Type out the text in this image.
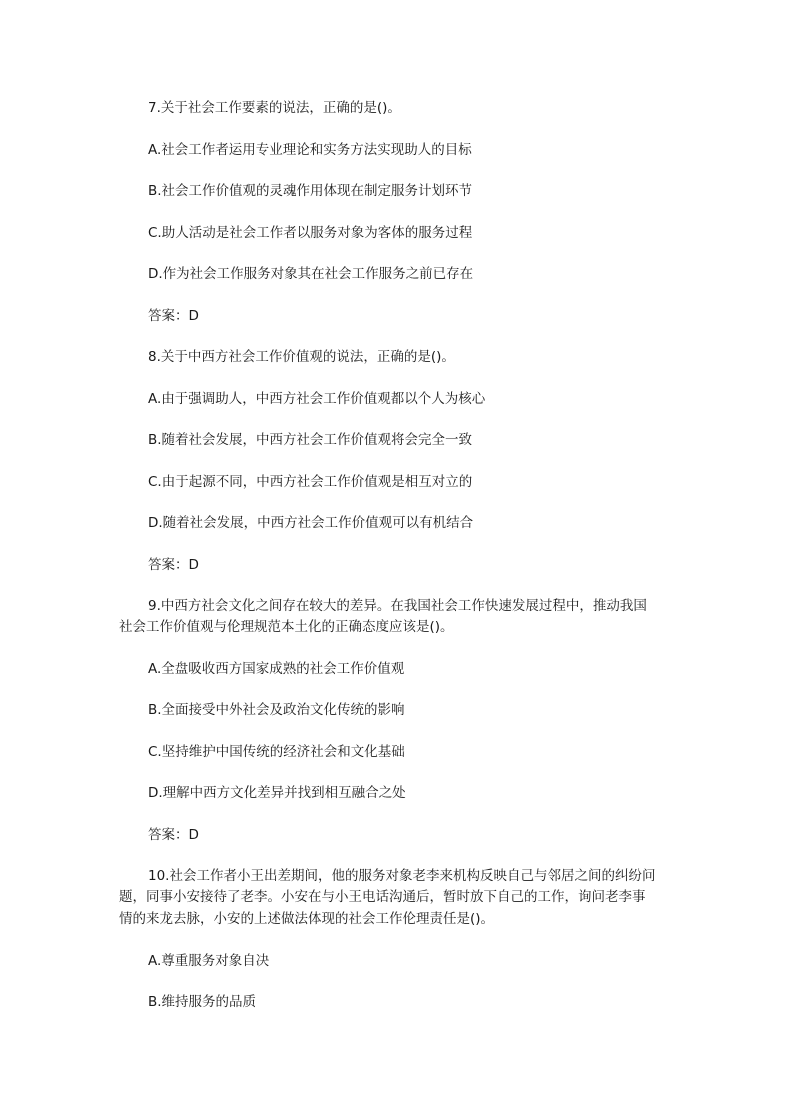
7.关于社会工作要素的说法，正确的是()。
A.社会工作者运用专业理论和实务方法实现助人的目标
B.社会工作价值观的灵魂作用体现在制定服务计划环节
C.助人活动是社会工作者以服务对象为客体的服务过程
D.作为社会工作服务对象其在社会工作服务之前已存在
答案：D
8.关于中西方社会工作价值观的说法，正确的是()。
A.由于强调助人，中西方社会工作价值观都以个人为核心
B.随着社会发展，中西方社会工作价值观将会完全一致
C.由于起源不同，中西方社会工作价值观是相互对立的
D.随着社会发展，中西方社会工作价值观可以有机结合
答案：D
9.中西方社会文化之间存在较大的差异。在我国社会工作快速发展过程中，推动我国
社会工作价值观与伦理规范本土化的正确态度应该是()。
A.全盘吸收西方国家成熟的社会工作价值观
B.全面接受中外社会及政治文化传统的影响
C.坚持维护中国传统的经济社会和文化基础
D.理解中西方文化差异并找到相互融合之处
答案：D
10.社会工作者小王出差期间，他的服务对象老李来机构反映自己与邻居之间的纠纷问
题，同事小安接待了老李。小安在与小王电话沟通后，暂时放下自己的工作，询问老李事
情的来龙去脉，小安的上述做法体现的社会工作伦理责任是()。
A.尊重服务对象自决
B.维持服务的品质
